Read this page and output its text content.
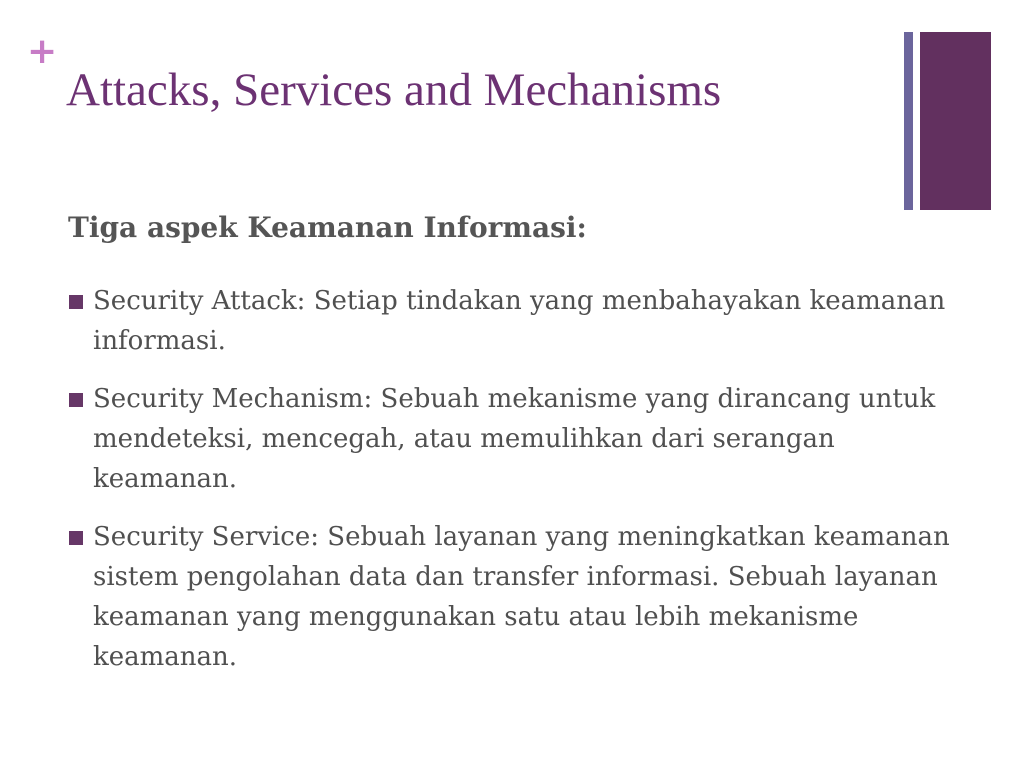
+
Attacks, Services and Mechanisms
Tiga aspek Keamanan Informasi:
Security Attack: Setiap tindakan yang menbahayakan keamanan informasi.
Security Mechanism: Sebuah mekanisme yang dirancang untuk mendeteksi, mencegah, atau memulihkan dari serangan keamanan.
Security Service: Sebuah layanan yang meningkatkan keamanan sistem pengolahan data dan transfer informasi. Sebuah layanan keamanan yang menggunakan satu atau lebih mekanisme keamanan.
